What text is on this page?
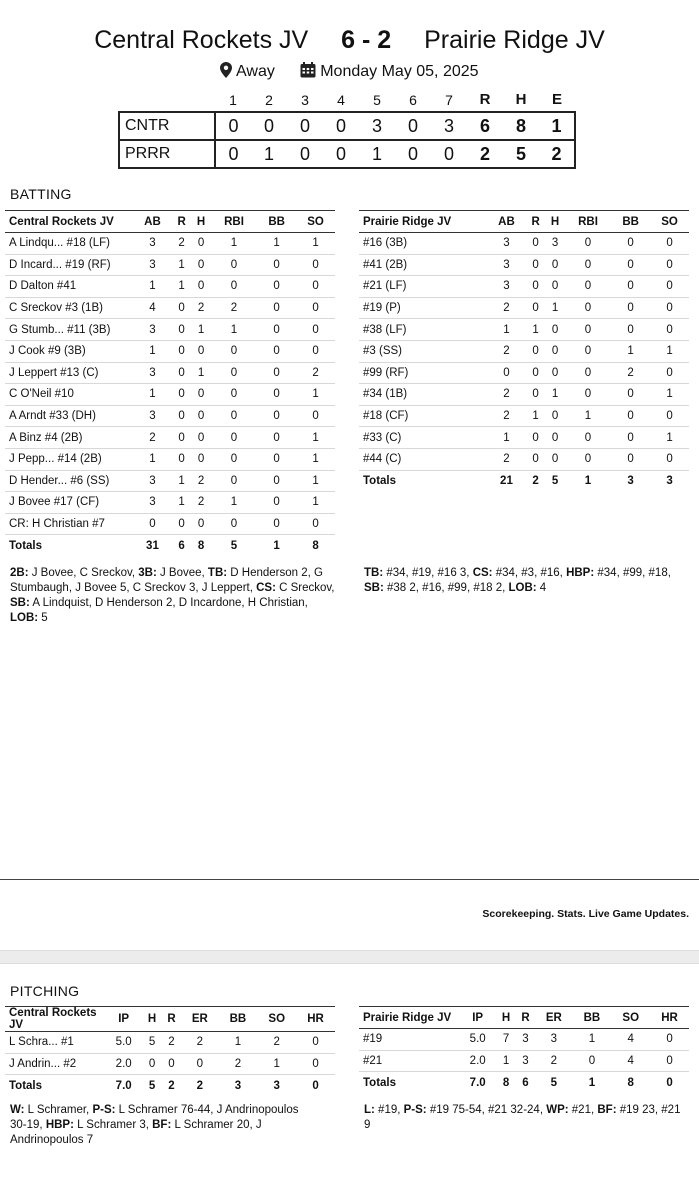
Central Rockets JV 6 - 2 Prairie Ridge JV
Away	Monday May 05, 2025
	1	2	3	4	5	6	7	R	H	E
CNTR	0	0	0	0	3	0	3	6	8	1
PRRR	0	1	0	0	1	0	0	2	5	2
BATTING
Central Rockets JV	AB	R	H	RBI	BB	SO
A Lindqu... #18 (LF)	3	2	0	1	1	1
D Incard... #19 (RF)	3	1	0	0	0	0
D Dalton #41	1	1	0	0	0	0
C Sreckov #3 (1B)	4	0	2	2	0	0
G Stumb... #11 (3B)	3	0	1	1	0	0
J Cook #9 (3B)	1	0	0	0	0	0
J Leppert #13 (C)	3	0	1	0	0	2
C O'Neil #10	1	0	0	0	0	1
A Arndt #33 (DH)	3	0	0	0	0	0
A Binz #4 (2B)	2	0	0	0	0	1
J Pepp... #14 (2B)	1	0	0	0	0	1
D Hender... #6 (SS)	3	1	2	0	0	1
J Bovee #17 (CF)	3	1	2	1	0	1
CR: H Christian #7	0	0	0	0	0	0
Totals	31	6	8	5	1	8
Prairie Ridge JV	AB	R	H	RBI	BB	SO
#16 (3B)	3	0	3	0	0	0
#41 (2B)	3	0	0	0	0	0
#21 (LF)	3	0	0	0	0	0
#19 (P)	2	0	1	0	0	0
#38 (LF)	1	1	0	0	0	0
#3 (SS)	2	0	0	0	1	1
#99 (RF)	0	0	0	0	2	0
#34 (1B)	2	0	1	0	0	1
#18 (CF)	2	1	0	1	0	0
#33 (C)	1	0	0	0	0	1
#44 (C)	2	0	0	0	0	0
Totals	21	2	5	1	3	3
2B: J Bovee, C Sreckov, 3B: J Bovee, TB: D Henderson 2, G Stumbaugh, J Bovee 5, C Sreckov 3, J Leppert, CS: C Sreckov, SB: A Lindquist, D Henderson 2, D Incardone, H Christian, LOB: 5
TB: #34, #19, #16 3, CS: #34, #3, #16, HBP: #34, #99, #18, SB: #38 2, #16, #99, #18 2, LOB: 4
Scorekeeping. Stats. Live Game Updates.
PITCHING
Central Rockets JV	IP	H	R	ER	BB	SO	HR
L Schra... #1	5.0	5	2	2	1	2	0
J Andrin... #2	2.0	0	0	0	2	1	0
Totals	7.0	5	2	2	3	3	0
Prairie Ridge JV	IP	H	R	ER	BB	SO	HR
#19	5.0	7	3	3	1	4	0
#21	2.0	1	3	2	0	4	0
Totals	7.0	8	6	5	1	8	0
W: L Schramer, P-S: L Schramer 76-44, J Andrinopoulos 30-19, HBP: L Schramer 3, BF: L Schramer 20, J Andrinopoulos 7
L: #19, P-S: #19 75-54, #21 32-24, WP: #21, BF: #19 23, #21 9
